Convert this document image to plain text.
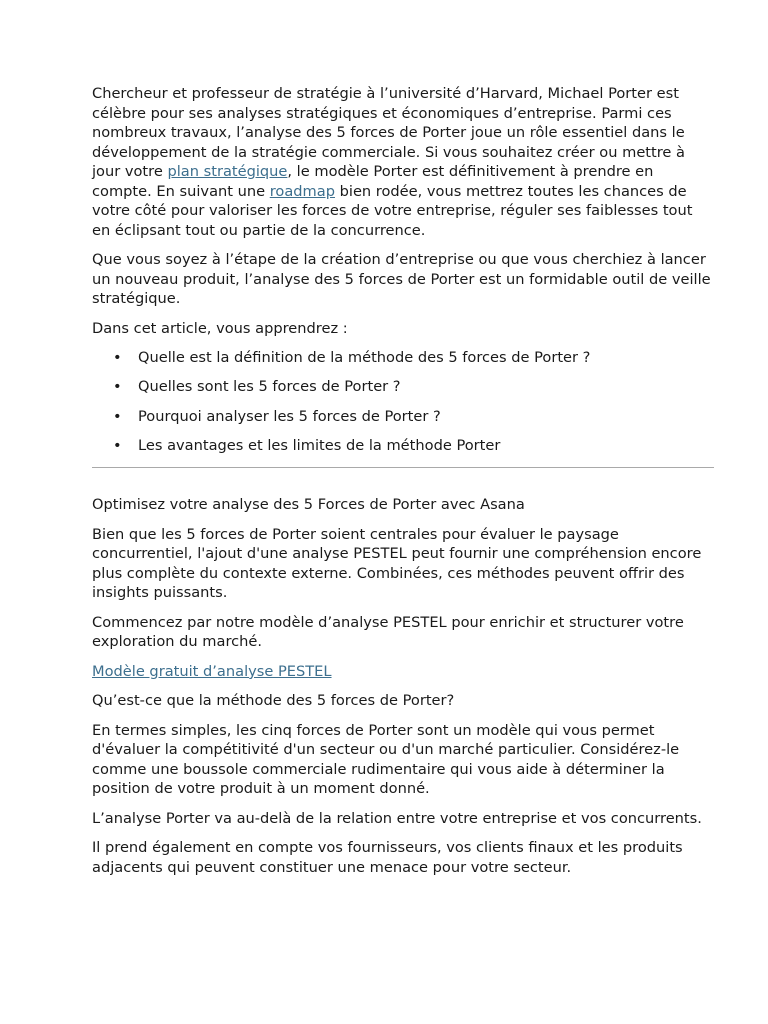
Chercheur et professeur de stratégie à l’université d’Harvard, Michael Porter est célèbre pour ses analyses stratégiques et économiques d’entreprise. Parmi ces nombreux travaux, l’analyse des 5 forces de Porter joue un rôle essentiel dans le développement de la stratégie commerciale. Si vous souhaitez créer ou mettre à jour votre plan stratégique, le modèle Porter est définitivement à prendre en compte. En suivant une roadmap bien rodée, vous mettrez toutes les chances de votre côté pour valoriser les forces de votre entreprise, réguler ses faiblesses tout en éclipsant tout ou partie de la concurrence.

Que vous soyez à l’étape de la création d’entreprise ou que vous cherchiez à lancer un nouveau produit, l’analyse des 5 forces de Porter est un formidable outil de veille stratégique.

Dans cet article, vous apprendrez :

• Quelle est la définition de la méthode des 5 forces de Porter ?
• Quelles sont les 5 forces de Porter ?
• Pourquoi analyser les 5 forces de Porter ?
• Les avantages et les limites de la méthode Porter

Optimisez votre analyse des 5 Forces de Porter avec Asana

Bien que les 5 forces de Porter soient centrales pour évaluer le paysage concurrentiel, l'ajout d'une analyse PESTEL peut fournir une compréhension encore plus complète du contexte externe. Combinées, ces méthodes peuvent offrir des insights puissants.

Commencez par notre modèle d’analyse PESTEL pour enrichir et structurer votre exploration du marché.

Modèle gratuit d’analyse PESTEL

Qu’est-ce que la méthode des 5 forces de Porter?

En termes simples, les cinq forces de Porter sont un modèle qui vous permet d'évaluer la compétitivité d'un secteur ou d'un marché particulier. Considérez-le comme une boussole commerciale rudimentaire qui vous aide à déterminer la position de votre produit à un moment donné.

L’analyse Porter va au-delà de la relation entre votre entreprise et vos concurrents.

Il prend également en compte vos fournisseurs, vos clients finaux et les produits adjacents qui peuvent constituer une menace pour votre secteur.
